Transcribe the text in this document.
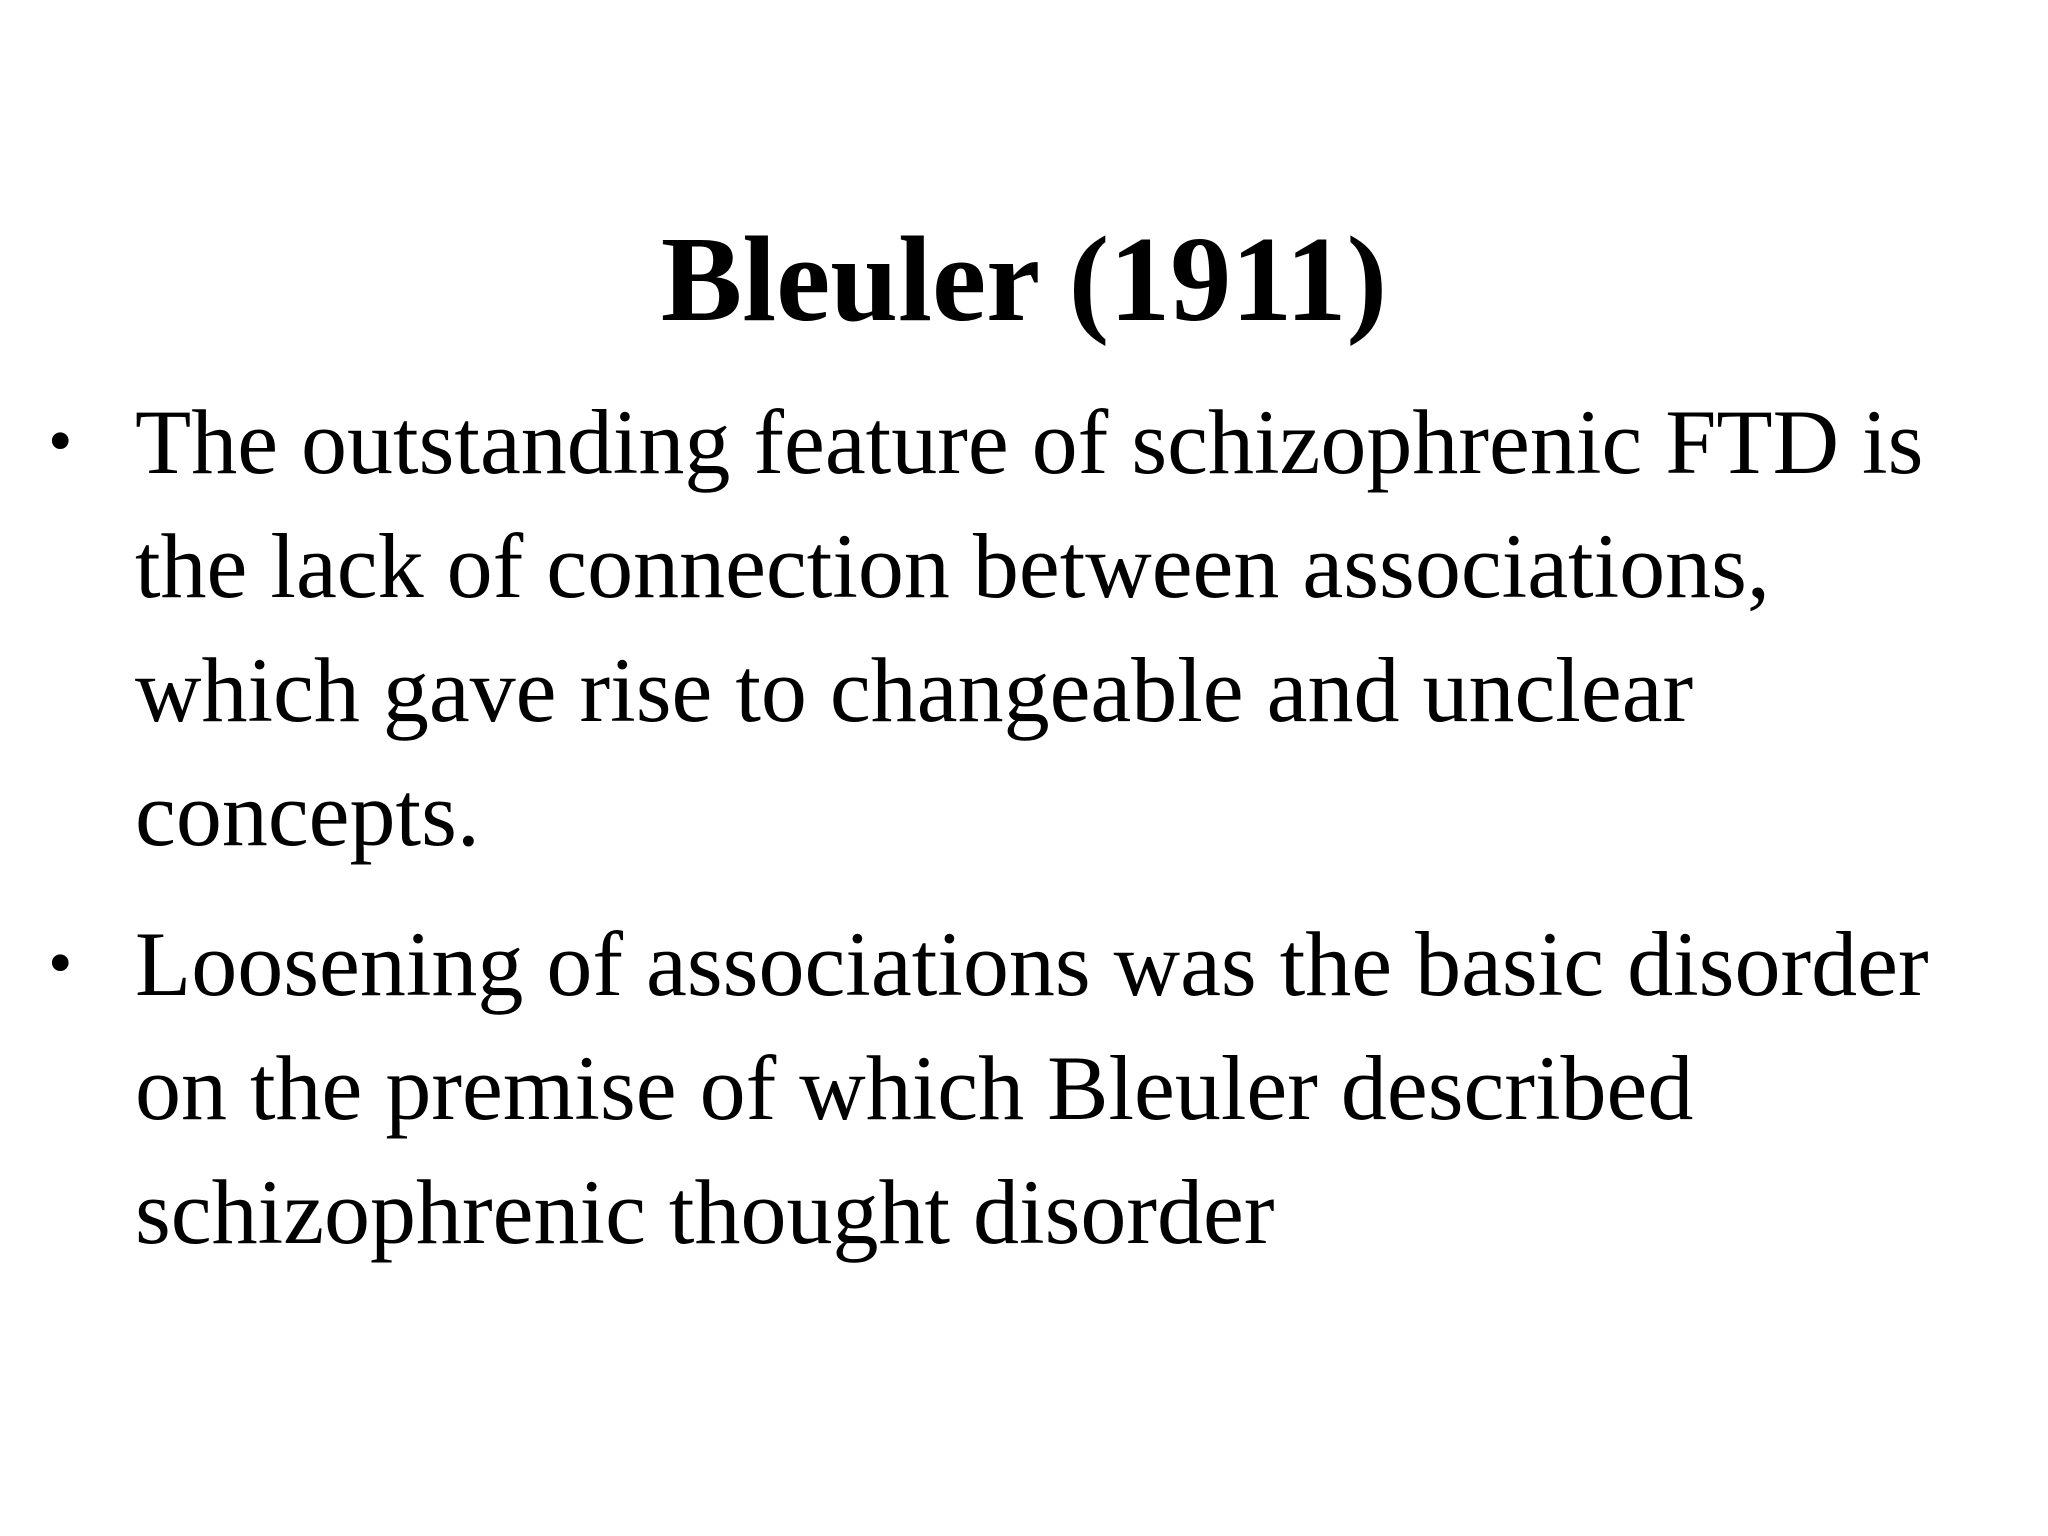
Bleuler (1911)
• The outstanding feature of schizophrenic FTD is the lack of connection between associations, which gave rise to changeable and unclear concepts.
• Loosening of associations was the basic disorder on the premise of which Bleuler described schizophrenic thought disorder
